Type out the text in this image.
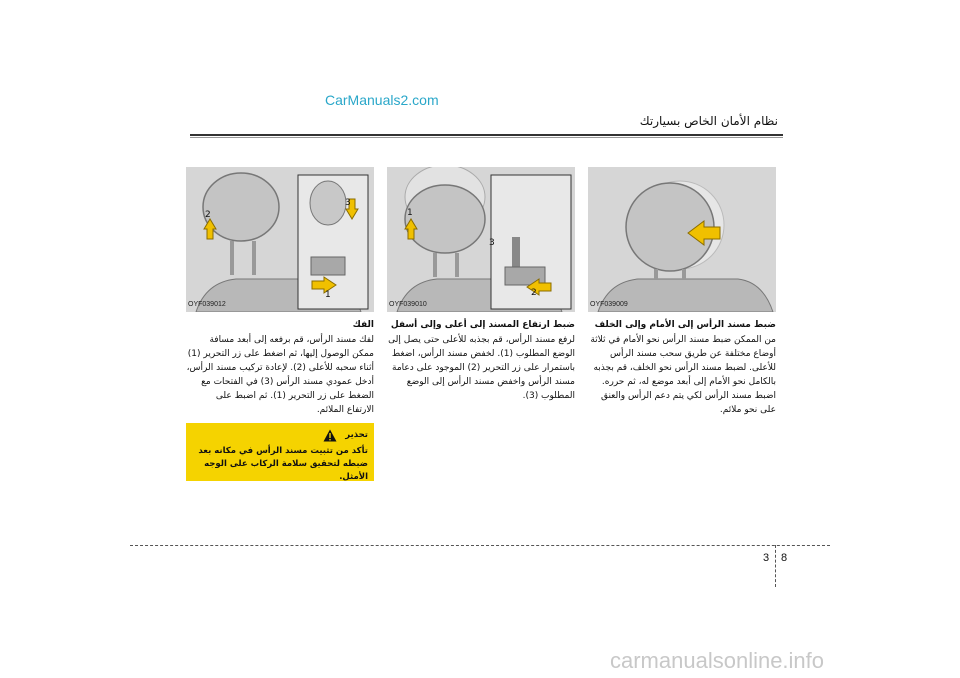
CarManuals2.com
نظام الأمان الخاص بسيارتك
2
3
1
1
3
2
OYF039012	OYF039010	OYF039009
ضبط مسند الرأس إلى الأمام وإلى الخلف

من الممكن ضبط مسند الرأس نحو الأمام في ثلاثة أوضاع مختلفة عن طريق سحب مسند الرأس للأعلى. لضبط مسند الرأس نحو الخلف، قم بجذبه بالكامل نحو الأمام إلى أبعد موضع له، ثم حرره. اضبط مسند الرأس لكي يتم دعم الرأس والعنق على نحو ملائم.

ضبط ارتفاع المسند إلى أعلى وإلى أسفل

لرفع مسند الرأس، قم بجذبه للأعلى حتى يصل إلى الوضع المطلوب (1). لخفض مسند الرأس، اضغط باستمرار على زر التحرير (2) الموجود على دعامة مسند الرأس واخفض مسند الرأس إلى الوضع المطلوب (3).

الفك

لفك مسند الرأس، قم برفعه إلى أبعد مسافة ممكن الوصول إليها، ثم اضغط على زر التحرير (1) أثناء سحبه للأعلى (2). لإعادة تركيب مسند الرأس، أدخل عمودي مسند الرأس (3) في الفتحات مع الضغط على زر التحرير (1). ثم اضبط على الارتفاع الملائم.

تحذير

تأكد من تثبيت مسند الرأس في مكانه بعد ضبطه لتحقيق سلامة الركاب على الوجه الأمثل.

3 8
carmanualsonline.info
